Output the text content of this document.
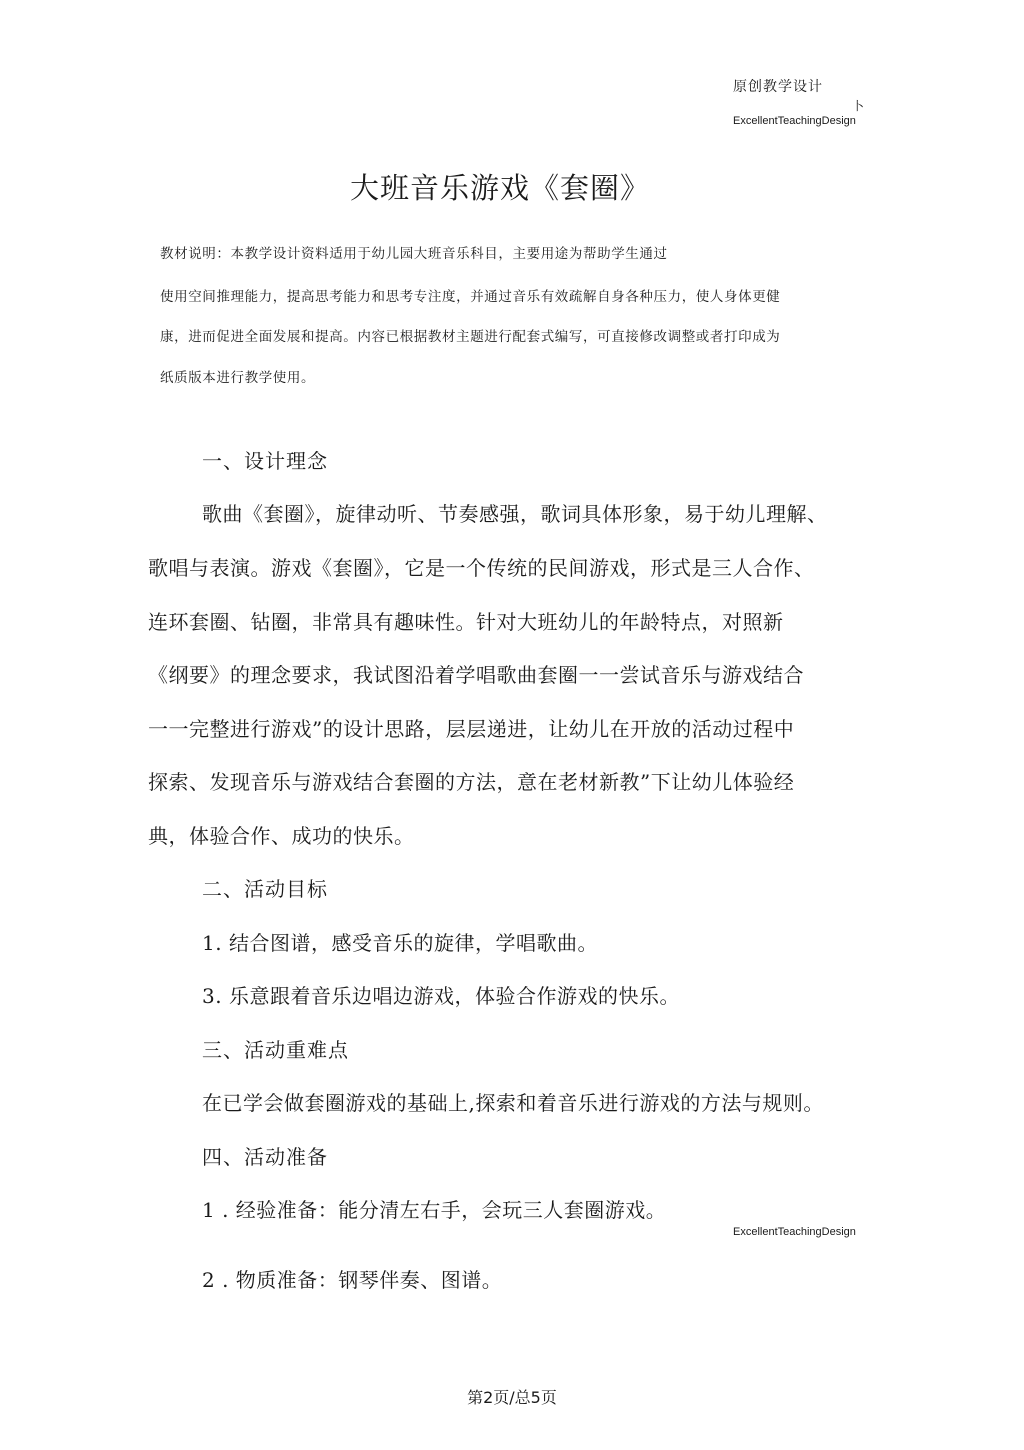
原创教学设计
卜
ExcellentTeachingDesign
大班音乐游戏《套圈》
教材说明：本教学设计资料适用于幼儿园大班音乐科目，主要用途为帮助学生通过
使用空间推理能力，提高思考能力和思考专注度，并通过音乐有效疏解自身各种压力，使人身体更健
康，进而促进全面发展和提高。内容已根据教材主题进行配套式编写，可直接修改调整或者打印成为
纸质版本进行教学使用。
一、设计理念
歌曲《套圈》，旋律动听、节奏感强，歌词具体形象，易于幼儿理解、
歌唱与表演。游戏《套圈》，它是一个传统的民间游戏，形式是三人合作、
连环套圈、钻圈，非常具有趣味性。针对大班幼儿的年龄特点，对照新
《纲要》的理念要求，我试图沿着学唱歌曲套圈一一尝试音乐与游戏结合
一一完整进行游戏”的设计思路，层层递进，让幼儿在开放的活动过程中
探索、发现音乐与游戏结合套圈的方法，意在老材新教”下让幼儿体验经
典，体验合作、成功的快乐。
二、活动目标
1. 结合图谱，感受音乐的旋律，学唱歌曲。
3. 乐意跟着音乐边唱边游戏，体验合作游戏的快乐。
三、活动重难点
在已学会做套圈游戏的基础上,探索和着音乐进行游戏的方法与规则。
四、活动准备
1 . 经验准备：能分清左右手，会玩三人套圈游戏。
ExcellentTeachingDesign
2 . 物质准备：钢琴伴奏、图谱。
第2页/总5页
